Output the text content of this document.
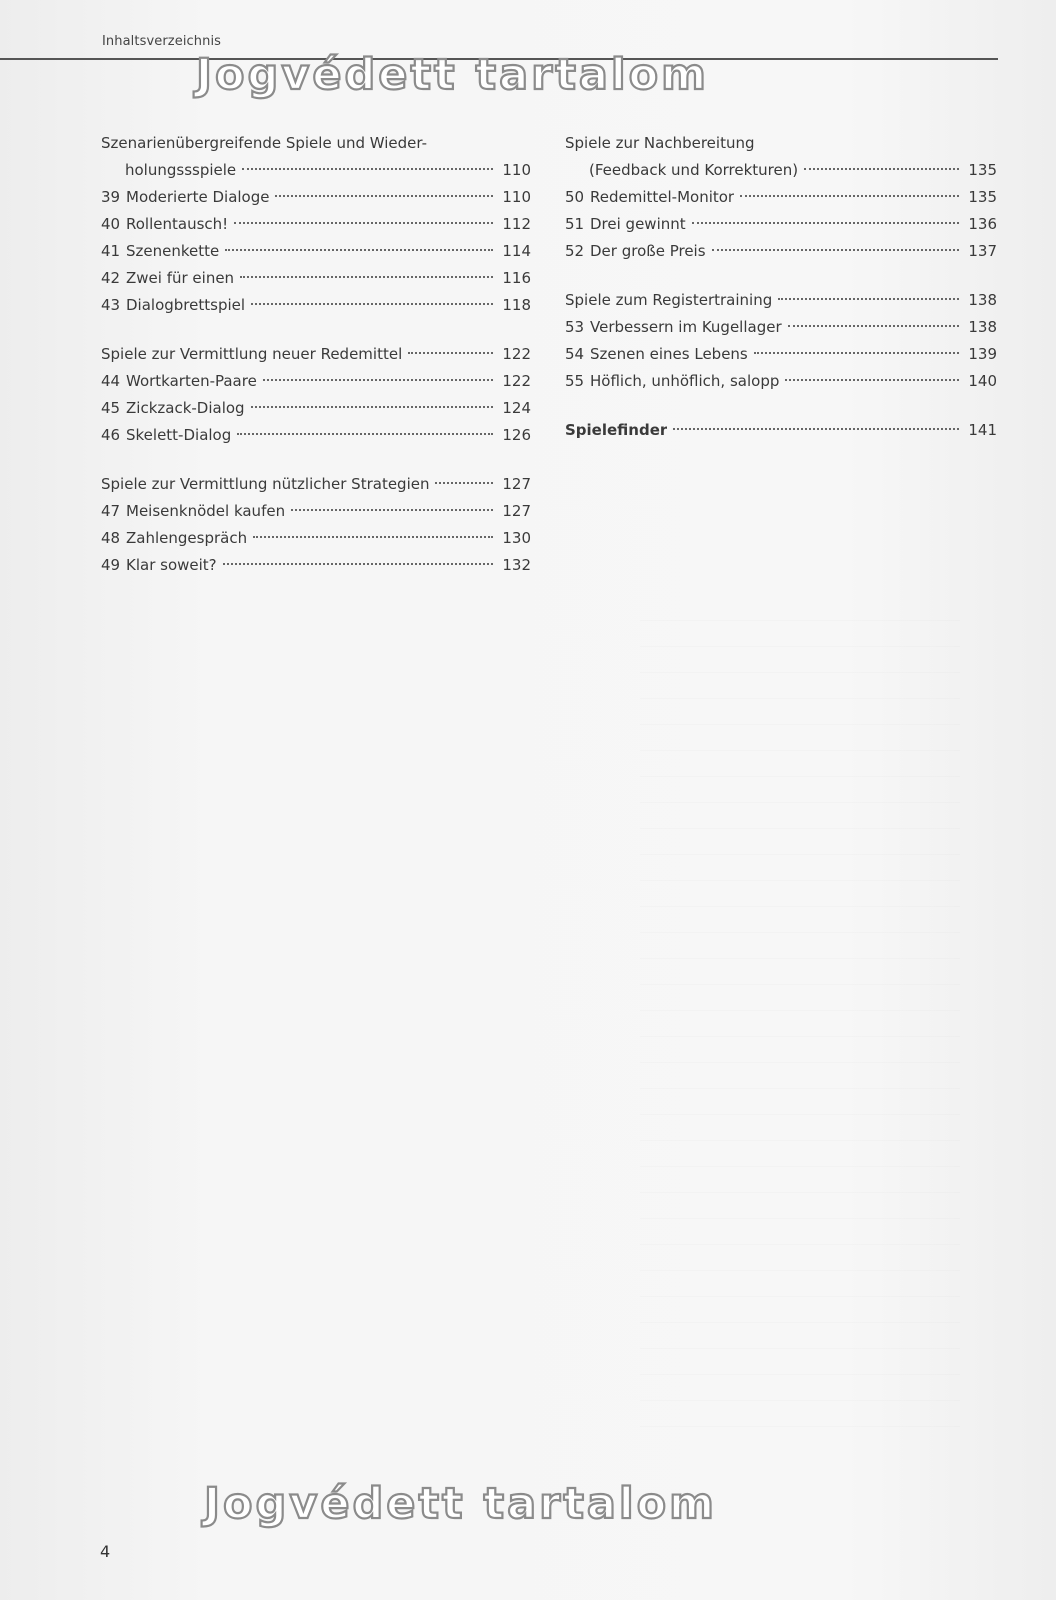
Inhaltsverzeichnis
Jogvédett tartalom
Szenarienübergreifende Spiele und Wieder-
holungssspiele	110
39 Moderierte Dialoge	110
40 Rollentausch!	112
41 Szenenkette	114
42 Zwei für einen	116
43 Dialogbrettspiel	118
Spiele zur Vermittlung neuer Redemittel	122
44 Wortkarten-Paare	122
45 Zickzack-Dialog	124
46 Skelett-Dialog	126
Spiele zur Vermittlung nützlicher Strategien	127
47 Meisenknödel kaufen	127
48 Zahlengespräch	130
49 Klar soweit?	132
Spiele zur Nachbereitung
(Feedback und Korrekturen)	135
50 Redemittel-Monitor	135
51 Drei gewinnt	136
52 Der große Preis	137
Spiele zum Registertraining	138
53 Verbessern im Kugellager	138
54 Szenen eines Lebens	139
55 Höflich, unhöflich, salopp	140
Spielefinder	141
Jogvédett tartalom
4
